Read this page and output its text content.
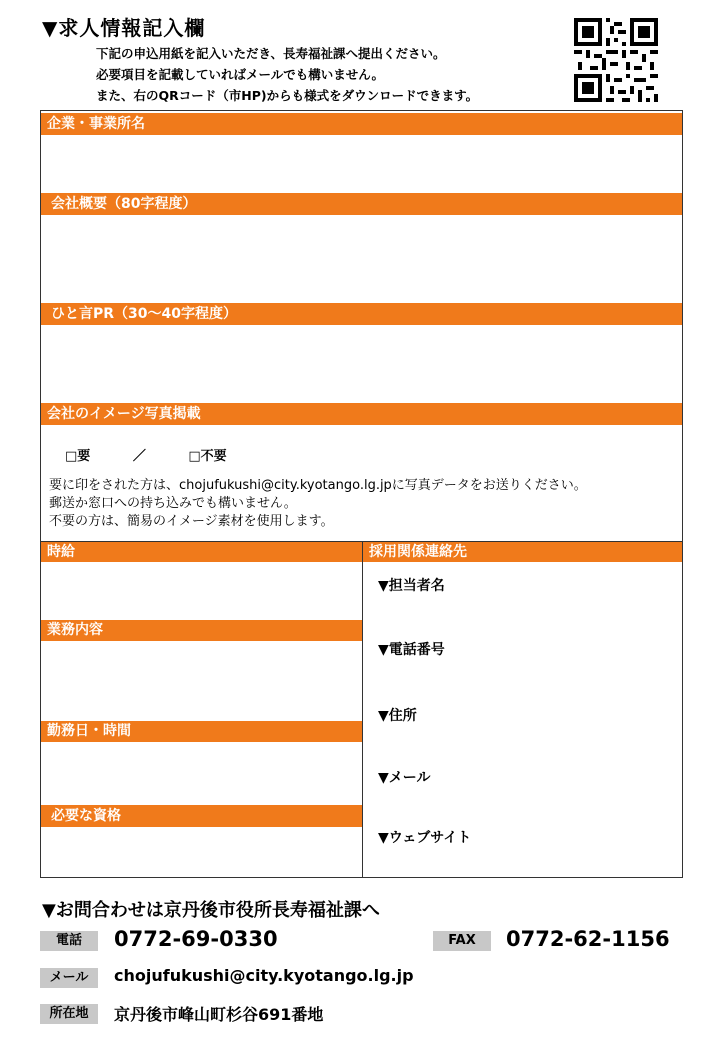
▼求人情報記入欄
下記の申込用紙を記入いただき、長寿福祉課へ提出ください。
必要項目を記載していればメールでも構いません。
また、右のQRコード（市HP)からも様式をダウンロードできます。
企業・事業所名
会社概要（80字程度）
ひと言PR（30～40字程度）
会社のイメージ写真掲載
□要	／	□不要
要に印をされた方は、chojufukushi@city.kyotango.lg.jpに写真データをお送りください。
郵送か窓口への持ち込みでも構いません。
不要の方は、簡易のイメージ素材を使用します。
時給
業務内容
勤務日・時間
必要な資格
採用関係連絡先
▼担当者名
▼電話番号
▼住所
▼メール
▼ウェブサイト
▼お問合わせは京丹後市役所長寿福祉課へ
電話	0772-69-0330	FAX	0772-62-1156
メール	chojufukushi@city.kyotango.lg.jp
所在地	京丹後市峰山町杉谷691番地
